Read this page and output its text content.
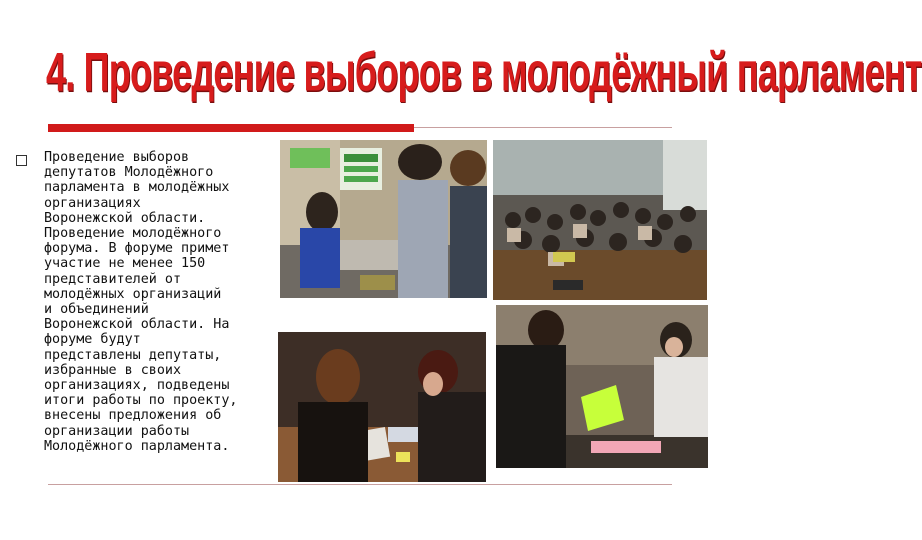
4. Проведение выборов в молодёжный парламент
Проведение выборов
депутатов Молодёжного
парламента в молодёжных
организациях
Воронежской области.
Проведение молодёжного
форума. В форуме примет
участие не менее 150
представителей от
молодёжных организаций
и объединений
Воронежской области. На
форуме будут
представлены депутаты,
избранные в своих
организациях, подведены
итоги работы по проекту,
внесены предложения об
организации работы
Молодёжного парламента.
